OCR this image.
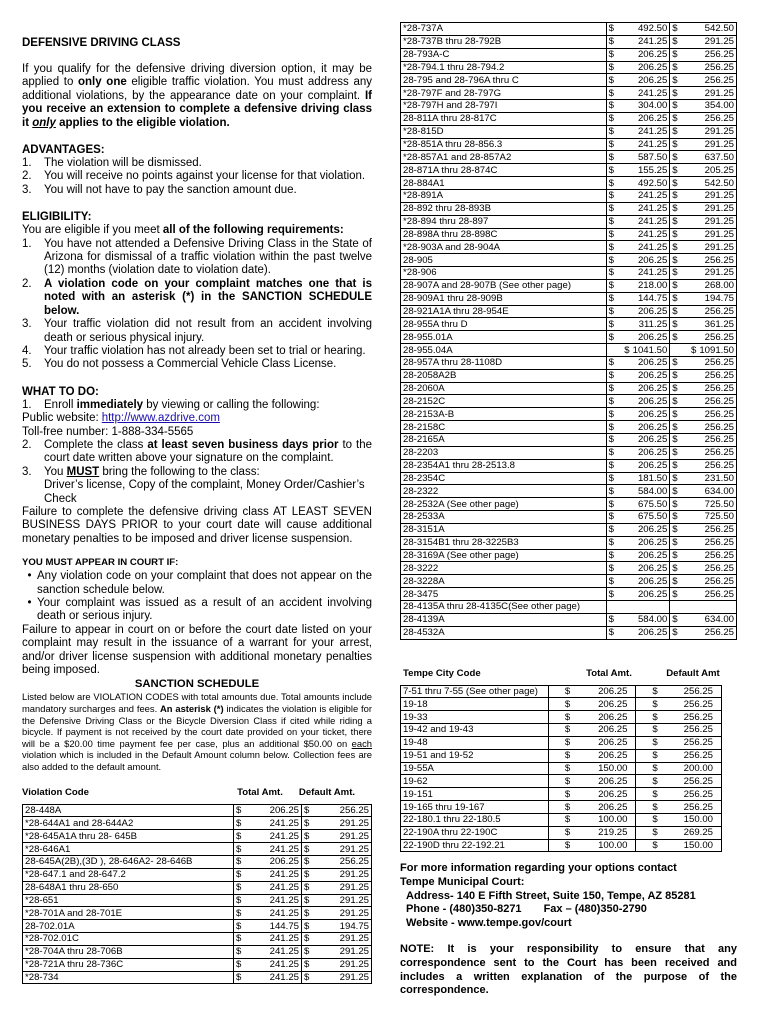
DEFENSIVE DRIVING CLASS
If you qualify for the defensive driving diversion option, it may be applied to only one eligible traffic violation. You must address any additional violations, by the appearance date on your complaint. If you receive an extension to complete a defensive driving class it only applies to the eligible violation.
ADVANTAGES:
1.	The violation will be dismissed.
2.	You will receive no points against your license for that violation.
3.	You will not have to pay the sanction amount due.
ELIGIBILITY:
You are eligible if you meet all of the following requirements:
1.	You have not attended a Defensive Driving Class in the State of Arizona for dismissal of a traffic violation within the past twelve (12) months (violation date to violation date).
2.	A violation code on your complaint matches one that is noted with an asterisk (*) in the SANCTION SCHEDULE below.
3.	Your traffic violation did not result from an accident involving death or serious physical injury.
4.	Your traffic violation has not already been set to trial or hearing.
5.	You do not possess a Commercial Vehicle Class License.
WHAT TO DO:
1.	Enroll immediately by viewing or calling the following:
Public website: http://www.azdrive.com
Toll-free number: 1-888-334-5565
2.	Complete the class at least seven business days prior to the court date written above your signature on the complaint.
3.	You MUST bring the following to the class:
Driver’s license, Copy of the complaint, Money Order/Cashier’s Check
Failure to complete the defensive driving class AT LEAST SEVEN BUSINESS DAYS PRIOR to your court date will cause additional monetary penalties to be imposed and driver license suspension.
YOU MUST APPEAR IN COURT IF:
• Any violation code on your complaint that does not appear on the sanction schedule below.
• Your complaint was issued as a result of an accident involving death or serious injury.
Failure to appear in court on or before the court date listed on your complaint may result in the issuance of a warrant for your arrest, and/or driver license suspension with additional monetary penalties being imposed.
SANCTION SCHEDULE
Listed below are VIOLATION CODES with total amounts due. Total amounts include mandatory surcharges and fees. An asterisk (*) indicates the violation is eligible for the Defensive Driving Class or the Bicycle Diversion Class if cited while riding a bicycle. If payment is not received by the court date provided on your ticket, there will be a $20.00 time payment fee per case, plus an additional $50.00 on each violation which is included in the Default Amount column below. Collection fees are also added to the default amount.
Violation Code	Total Amt.	Default Amt.
28-448A	$ 206.25	$ 256.25

*28-644A1 and 28-644A2	$ 241.25	$ 291.25

*28-645A1A thru 28- 645B	$ 241.25	$ 291.25

*28-646A1	$ 241.25	$ 291.25

28-645A(2B),(3D ), 28-646A2- 28-646B	$ 206.25	$ 256.25

*28-647.1 and 28-647.2	$ 241.25	$ 291.25

28-648A1 thru 28-650	$ 241.25	$ 291.25

*28-651	$ 241.25	$ 291.25

*28-701A and 28-701E	$ 241.25	$ 291.25

28-702.01A	$ 144.75	$ 194.75

*28-702.01C	$ 241.25	$ 291.25

*28-704A thru 28-706B	$ 241.25	$ 291.25

*28-721A thru 28-736C	$ 241.25	$ 291.25

*28-734	$ 241.25	$ 291.25
*28-737A	$ 492.50	$ 542.50

*28-737B thru 28-792B	$ 241.25	$ 291.25

28-793A-C	$ 206.25	$ 256.25

*28-794.1 thru 28-794.2	$ 206.25	$ 256.25

28-795 and 28-796A thru C	$ 206.25	$ 256.25

*28-797F and 28-797G	$ 241.25	$ 291.25

*28-797H and 28-797I	$ 304.00	$ 354.00

28-811A thru 28-817C	$ 206.25	$ 256.25

*28-815D	$ 241.25	$ 291.25

*28-851A thru 28-856.3	$ 241.25	$ 291.25

*28-857A1 and 28-857A2	$ 587.50	$ 637.50

28-871A thru 28-874C	$ 155.25	$ 205.25

28-884A1	$ 492.50	$ 542.50

*28-891A	$ 241.25	$ 291.25

28-892 thru 28-893B	$ 241.25	$ 291.25

*28-894 thru 28-897	$ 241.25	$ 291.25

28-898A thru 28-898C	$ 241.25	$ 291.25

*28-903A and 28-904A	$ 241.25	$ 291.25

28-905	$ 206.25	$ 256.25

*28-906	$ 241.25	$ 291.25

28-907A and 28-907B (See other page)	$ 218.00	$ 268.00

28-909A1 thru 28-909B	$ 144.75	$ 194.75

28-921A1A thru 28-954E	$ 206.25	$ 256.25

28-955A thru D	$ 311.25	$ 361.25

28-955.01A	$ 206.25	$ 256.25

28-955.04A	$ 1041.50	$ 1091.50

28-957A thru 28-1108D	$ 206.25	$ 256.25

28-2058A2B	$ 206.25	$ 256.25

28-2060A	$ 206.25	$ 256.25

28-2152C	$ 206.25	$ 256.25

28-2153A-B	$ 206.25	$ 256.25

28-2158C	$ 206.25	$ 256.25

28-2165A	$ 206.25	$ 256.25

28-2203	$ 206.25	$ 256.25

28-2354A1 thru 28-2513.8	$ 206.25	$ 256.25

28-2354C	$ 181.50	$ 231.50

28-2322	$ 584.00	$ 634.00

28-2532A (See other page)	$ 675.50	$ 725.50

28-2533A	$ 675.50	$ 725.50

28-3151A	$ 206.25	$ 256.25

28-3154B1 thru 28-3225B3	$ 206.25	$ 256.25

28-3169A (See other page)	$ 206.25	$ 256.25

28-3222	$ 206.25	$ 256.25

28-3228A	$ 206.25	$ 256.25

28-3475	$ 206.25	$ 256.25

28-4135A thru 28-4135C(See other page)		
28-4139A	$ 584.00	$ 634.00

28-4532A	$ 206.25	$ 256.25
Tempe City Code	Total Amt.	Default Amt
7-51 thru 7-55 (See other page)	$ 206.25	$ 256.25

19-18	$ 206.25	$ 256.25

19-33	$ 206.25	$ 256.25

19-42 and 19-43	$ 206.25	$ 256.25

19-48	$ 206.25	$ 256.25

19-51 and 19-52	$ 206.25	$ 256.25

19-55A	$ 150.00	$ 200.00

19-62	$ 206.25	$ 256.25

19-151	$ 206.25	$ 256.25

19-165 thru 19-167	$ 206.25	$ 256.25

22-180.1 thru 22-180.5	$ 100.00	$ 150.00

22-190A thru 22-190C	$ 219.25	$ 269.25

22-190D thru 22-192.21	$ 100.00	$ 150.00
For more information regarding your options contact
Tempe Municipal Court:
Address- 140 E Fifth Street, Suite 150, Tempe, AZ 85281
Phone - (480)350-8271 Fax – (480)350-2790
Website - www.tempe.gov/court
NOTE: It is your responsibility to ensure that any correspondence sent to the Court has been received and includes a written explanation of the purpose of the correspondence.
